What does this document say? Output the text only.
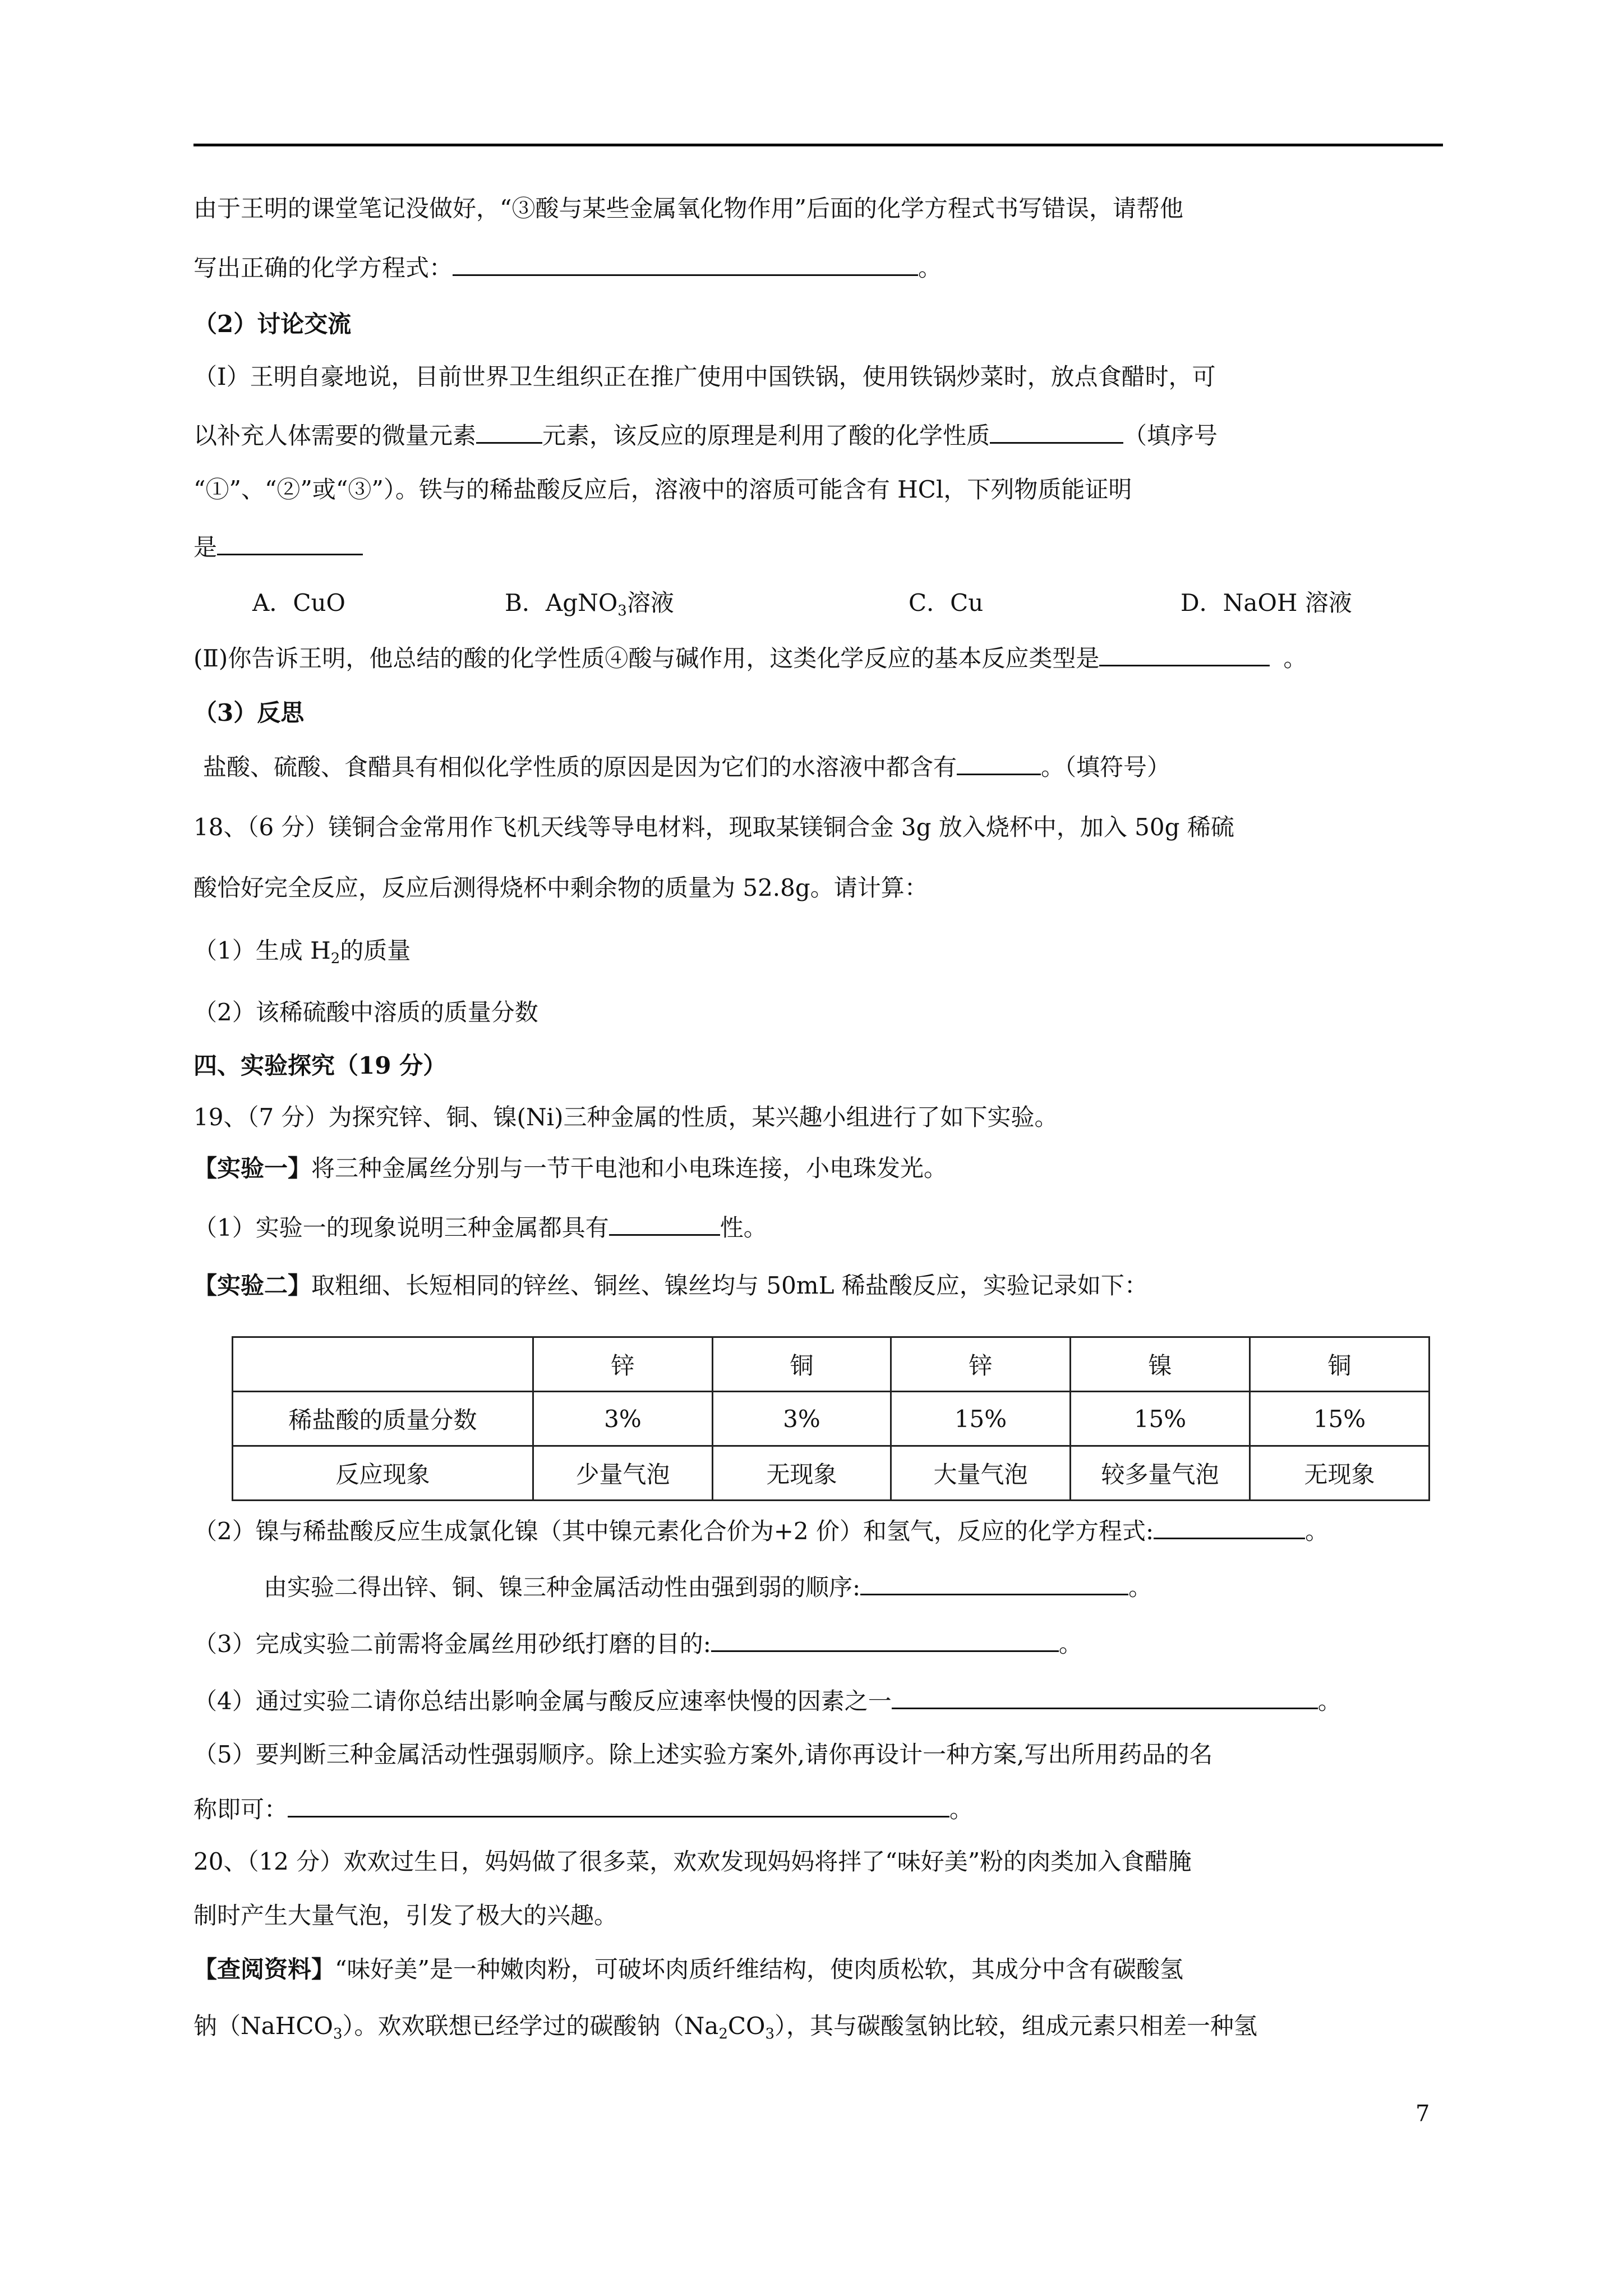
由于王明的课堂笔记没做好，“③酸与某些金属氧化物作用”后面的化学方程式书写错误，请帮他
写出正确的化学方程式：	。
（2）讨论交流
（Ⅰ）王明自豪地说，目前世界卫生组织正在推广使用中国铁锅，使用铁锅炒菜时，放点食醋时，可
以补充人体需要的微量元素	元素，该反应的原理是利用了酸的化学性质	（填序号
“①”、“②”或“③”）。铁与的稀盐酸反应后，溶液中的溶质可能含有 HCl，下列物质能证明
是
A．CuO	B．AgNO$_3$溶液	C．Cu	D．NaOH 溶液
(Ⅱ)你告诉王明，他总结的酸的化学性质④酸与碱作用，这类化学反应的基本反应类型是	。
（3）反思
盐酸、硫酸、食醋具有相似化学性质的原因是因为它们的水溶液中都含有	。（填符号）
18、（6 分）镁铜合金常用作飞机天线等导电材料，现取某镁铜合金 3g 放入烧杯中，加入 50g 稀硫
酸恰好完全反应，反应后测得烧杯中剩余物的质量为 52.8g。请计算：
（1）生成 $H_2$的质量
（2）该稀硫酸中溶质的质量分数
四、实验探究（19 分）
19、（7 分）为探究锌、铜、镍(Ni)三种金属的性质，某兴趣小组进行了如下实验。
【实验一】将三种金属丝分别与一节干电池和小电珠连接，小电珠发光。
（1）实验一的现象说明三种金属都具有	性。
【实验二】取粗细、长短相同的锌丝、铜丝、镍丝均与 50mL 稀盐酸反应，实验记录如下：
	锌	铜	锌	镍	铜
稀盐酸的质量分数	3%	3%	15%	15%	15%
反应现象	少量气泡	无现象	大量气泡	较多量气泡	无现象
（2）镍与稀盐酸反应生成氯化镍（其中镍元素化合价为+2 价）和氢气，反应的化学方程式:	。
由实验二得出锌、铜、镍三种金属活动性由强到弱的顺序:	。
（3）完成实验二前需将金属丝用砂纸打磨的目的:	。
（4）通过实验二请你总结出影响金属与酸反应速率快慢的因素之一	。
（5）要判断三种金属活动性强弱顺序。除上述实验方案外,请你再设计一种方案,写出所用药品的名
称即可：	。
20、（12 分）欢欢过生日，妈妈做了很多菜，欢欢发现妈妈将拌了“味好美”粉的肉类加入食醋腌
制时产生大量气泡，引发了极大的兴趣。
【查阅资料】“味好美”是一种嫩肉粉，可破坏肉质纤维结构，使肉质松软，其成分中含有碳酸氢
钠（NaHCO$_3$）。欢欢联想已经学过的碳酸钠$(Na_2CO_3)$，其与碳酸氢钠比较，组成元素只相差一种氢
7
